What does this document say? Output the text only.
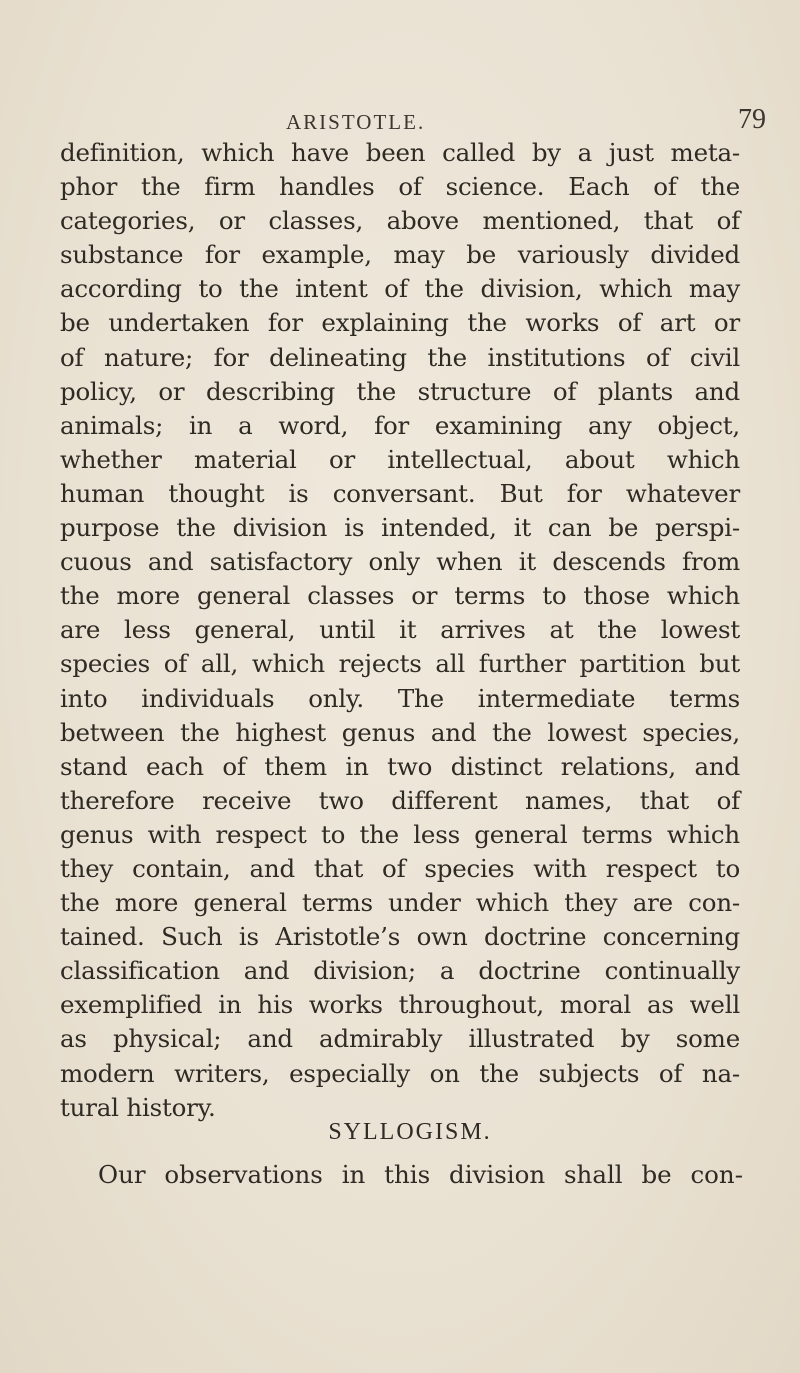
ARISTOTLE.	79
definition, which have been called by a just meta-
phor the firm handles of science. Each of the
categories, or classes, above mentioned, that of
substance for example, may be variously divided
according to the intent of the division, which may
be undertaken for explaining the works of art or
of nature; for delineating the institutions of civil
policy, or describing the structure of plants and
animals; in a word, for examining any object,
whether material or intellectual, about which
human thought is conversant. But for whatever
purpose the division is intended, it can be perspi-
cuous and satisfactory only when it descends from
the more general classes or terms to those which
are less general, until it arrives at the lowest
species of all, which rejects all further partition but
into individuals only. The intermediate terms
between the highest genus and the lowest species,
stand each of them in two distinct relations, and
therefore receive two different names, that of
genus with respect to the less general terms which
they contain, and that of species with respect to
the more general terms under which they are con-
tained. Such is Aristotle’s own doctrine concerning
classification and division; a doctrine continually
exemplified in his works throughout, moral as well
as physical; and admirably illustrated by some
modern writers, especially on the subjects of na-
tural history.
SYLLOGISM.
Our observations in this division shall be con-
